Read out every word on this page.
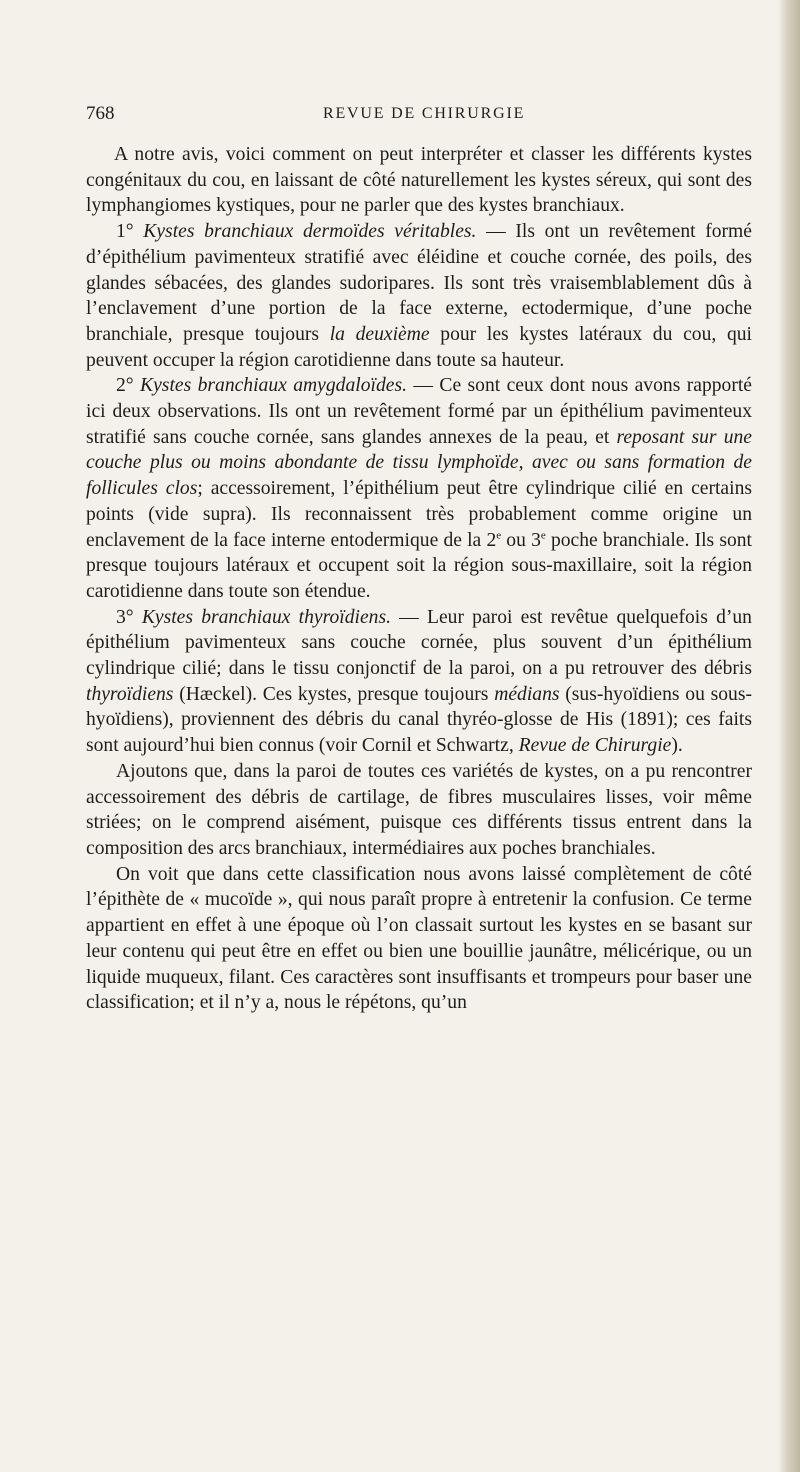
768	REVUE DE CHIRURGIE

A notre avis, voici comment on peut interpréter et classer les différents kystes congénitaux du cou, en laissant de côté naturellement les kystes séreux, qui sont des lymphangiomes kystiques, pour ne parler que des kystes branchiaux.

1° Kystes branchiaux dermoïdes véritables. — Ils ont un revêtement formé d’épithélium pavimenteux stratifié avec éléidine et couche cornée, des poils, des glandes sébacées, des glandes sudoripares. Ils sont très vraisemblablement dûs à l’enclavement d’une portion de la face externe, ectodermique, d’une poche branchiale, presque toujours la deuxième pour les kystes latéraux du cou, qui peuvent occuper la région carotidienne dans toute sa hauteur.

2° Kystes branchiaux amygdaloïdes. — Ce sont ceux dont nous avons rapporté ici deux observations. Ils ont un revêtement formé par un épithélium pavimenteux stratifié sans couche cornée, sans glandes annexes de la peau, et reposant sur une couche plus ou moins abondante de tissu lymphoïde, avec ou sans formation de follicules clos; accessoirement, l’épithélium peut être cylindrique cilié en certains points (vide supra). Ils reconnaissent très probablement comme origine un enclavement de la face interne entodermique de la 2e ou 3e poche branchiale. Ils sont presque toujours latéraux et occupent soit la région sous-maxillaire, soit la région carotidienne dans toute son étendue.

3° Kystes branchiaux thyroïdiens. — Leur paroi est revêtue quelquefois d’un épithélium pavimenteux sans couche cornée, plus souvent d’un épithélium cylindrique cilié; dans le tissu conjonctif de la paroi, on a pu retrouver des débris thyroïdiens (Hæckel). Ces kystes, presque toujours médians (sus-hyoïdiens ou sous-hyoïdiens), proviennent des débris du canal thyréo-glosse de His (1891); ces faits sont aujourd’hui bien connus (voir Cornil et Schwartz, Revue de Chirurgie).

Ajoutons que, dans la paroi de toutes ces variétés de kystes, on a pu rencontrer accessoirement des débris de cartilage, de fibres musculaires lisses, voir même striées; on le comprend aisément, puisque ces différents tissus entrent dans la composition des arcs branchiaux, intermédiaires aux poches branchiales.

On voit que dans cette classification nous avons laissé complètement de côté l’épithète de « mucoïde », qui nous paraît propre à entretenir la confusion. Ce terme appartient en effet à une époque où l’on classait surtout les kystes en se basant sur leur contenu qui peut être en effet ou bien une bouillie jaunâtre, mélicérique, ou un liquide muqueux, filant. Ces caractères sont insuffisants et trompeurs pour baser une classification; et il n’y a, nous le répétons, qu’un
